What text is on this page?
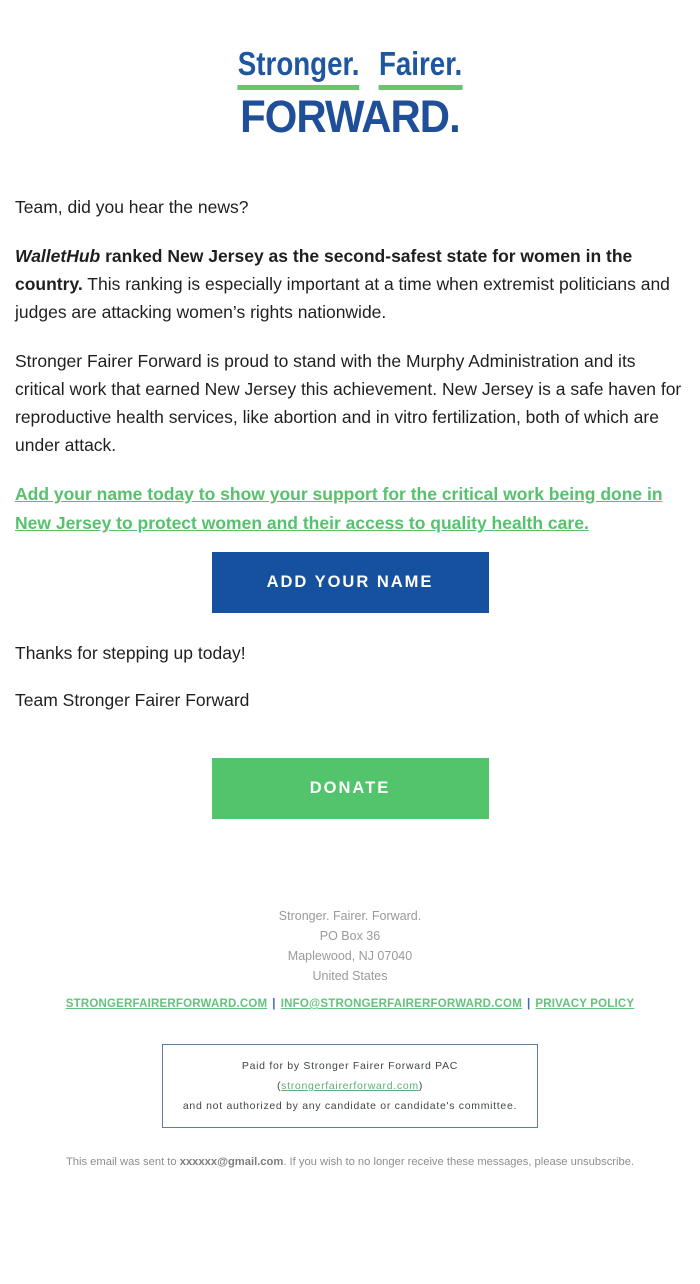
Stronger. Fairer.
FORWARD.

Team, did you hear the news?

WalletHub ranked New Jersey as the second-safest state for women in the country. This ranking is especially important at a time when extremist politicians and judges are attacking women’s rights nationwide.

Stronger Fairer Forward is proud to stand with the Murphy Administration and its critical work that earned New Jersey this achievement. New Jersey is a safe haven for reproductive health services, like abortion and in vitro fertilization, both of which are under attack.

Add your name today to show your support for the critical work being done in New Jersey to protect women and their access to quality health care.
ADD YOUR NAME

Thanks for stepping up today!

Team Stronger Fairer Forward

DONATE
Stronger. Fairer. Forward.
PO Box 36
Maplewood, NJ 07040
United States
STRONGERFAIRERFORWARD.COM | INFO@STRONGERFAIRERFORWARD.COM | PRIVACY POLICY
Paid for by Stronger Fairer Forward PAC (strongerfairerforward.com)
and not authorized by any candidate or candidate's committee.

This email was sent to xxxxxx@gmail.com. If you wish to no longer receive these messages, please unsubscribe.
